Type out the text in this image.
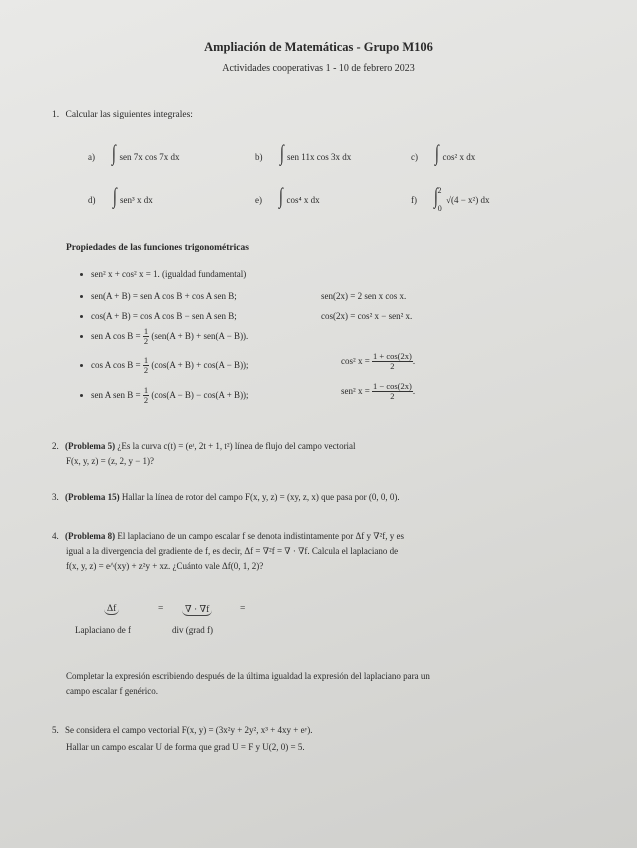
Ampliación de Matemáticas - Grupo M106
Actividades cooperativas 1 - 10 de febrero 2023
1. Calcular las siguientes integrales:
a) ∫ sen 7x cos 7x dx	b) ∫ sen 11x cos 3x dx	c) ∫ cos² x dx
d) ∫ sen³ x dx	e) ∫ cos⁴ x dx	f) ∫ 2 0 √(4 − x²) dx
Propiedades de las funciones trigonométricas
sen² x + cos² x = 1. (igualdad fundamental)
sen(A + B) = sen A cos B + cos A sen B;	sen(2x) = 2 sen x cos x.
cos(A + B) = cos A cos B − sen A sen B;	cos(2x) = cos² x − sen² x.
sen A $\cos B = \frac{1}{2} (sen(A + B) + sen(A - B))$.
cos A $\cos B = \frac{1}{2} (\cos(A + B) + \cos(A - B))$;	cos² $x = \frac{1 + \cos(2x)}{2}$ .
sen A sen $B = \frac{1}{2} (\cos(A - B) - \cos(A + B))$;	sen² $x = \frac{1 - \cos(2x)}{2}$ .
2. (Problema 5) ¿Es la curva c(t) = (eᵗ, 2t + 1, t²) línea de flujo del campo vectorial
F(x, y, z) = (z, 2, y − 1)?
3. (Problema 15) Hallar la línea de rotor del campo F(x, y, z) = (xy, z, x) que pasa por (0, 0, 0).
4. (Problema 8) El laplaciano de un campo escalar f se denota indistintamente por Δf y ∇²f, y es
igual a la divergencia del gradiente de f, es decir, Δf = ∇²f = ∇ · ∇f. Calcula el laplaciano de
f(x, y, z) = e^(xy) + z²y + xz. ¿Cuánto vale Δf(0, 1, 2)?
Δf	=	∇ · ∇f	=
Laplaciano de f	div (grad f)
Completar la expresión escribiendo después de la última igualdad la expresión del laplaciano para un
campo escalar f genérico.
5. Se considera el campo vectorial F(x, y) = (3x²y + 2y², x³ + 4xy + eʸ).
Hallar un campo escalar U de forma que grad U = F y U(2, 0) = 5.
